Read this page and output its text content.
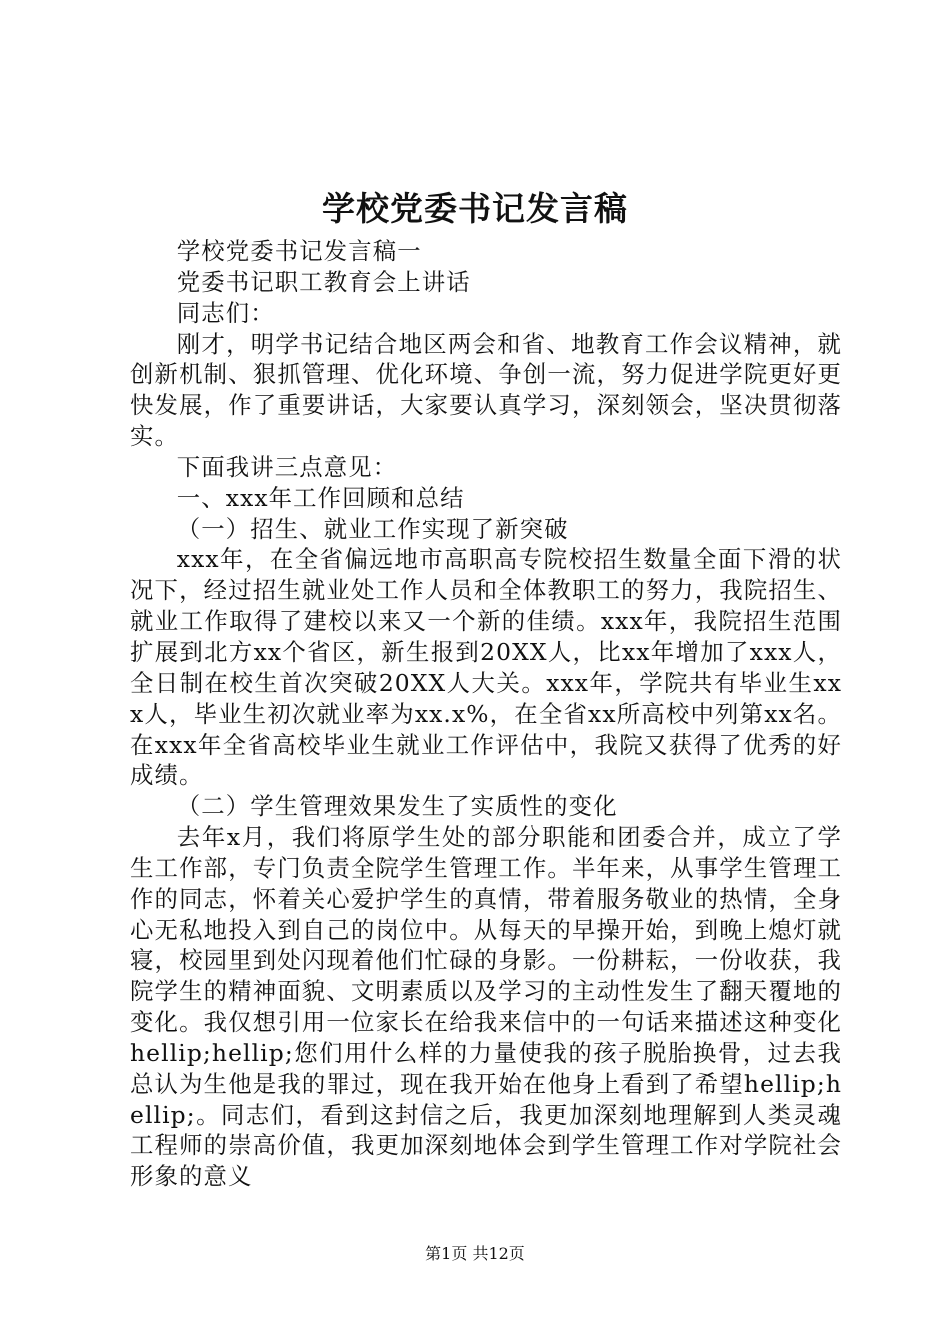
学校党委书记发言稿

学校党委书记发言稿一

党委书记职工教育会上讲话

同志们：

刚才，明学书记结合地区两会和省、地教育工作会议精神，就创新机制、狠抓管理、优化环境、争创一流，努力促进学院更好更快发展，作了重要讲话，大家要认真学习，深刻领会，坚决贯彻落实。

下面我讲三点意见：

一、xxx年工作回顾和总结

（一）招生、就业工作实现了新突破

xxx年，在全省偏远地市高职高专院校招生数量全面下滑的状况下，经过招生就业处工作人员和全体教职工的努力，我院招生、就业工作取得了建校以来又一个新的佳绩。xxx年，我院招生范围扩展到北方xx个省区，新生报到20XX人，比xx年增加了xxx人，全日制在校生首次突破20XX人大关。xxx年，学院共有毕业生xxx人，毕业生初次就业率为xx.x%，在全省xx所高校中列第xx名。在xxx年全省高校毕业生就业工作评估中，我院又获得了优秀的好成绩。

（二）学生管理效果发生了实质性的变化

去年x月，我们将原学生处的部分职能和团委合并，成立了学生工作部，专门负责全院学生管理工作。半年来，从事学生管理工作的同志，怀着关心爱护学生的真情，带着服务敬业的热情，全身心无私地投入到自己的岗位中。从每天的早操开始，到晚上熄灯就寝，校园里到处闪现着他们忙碌的身影。一份耕耘，一份收获，我院学生的精神面貌、文明素质以及学习的主动性发生了翻天覆地的变化。我仅想引用一位家长在给我来信中的一句话来描述这种变化hellip;hellip;您们用什么样的力量使我的孩子脱胎换骨，过去我总认为生他是我的罪过，现在我开始在他身上看到了希望hellip;hellip;。同志们，看到这封信之后，我更加深刻地理解到人类灵魂工程师的崇高价值，我更加深刻地体会到学生管理工作对学院社会形象的意义

第1页 共12页
